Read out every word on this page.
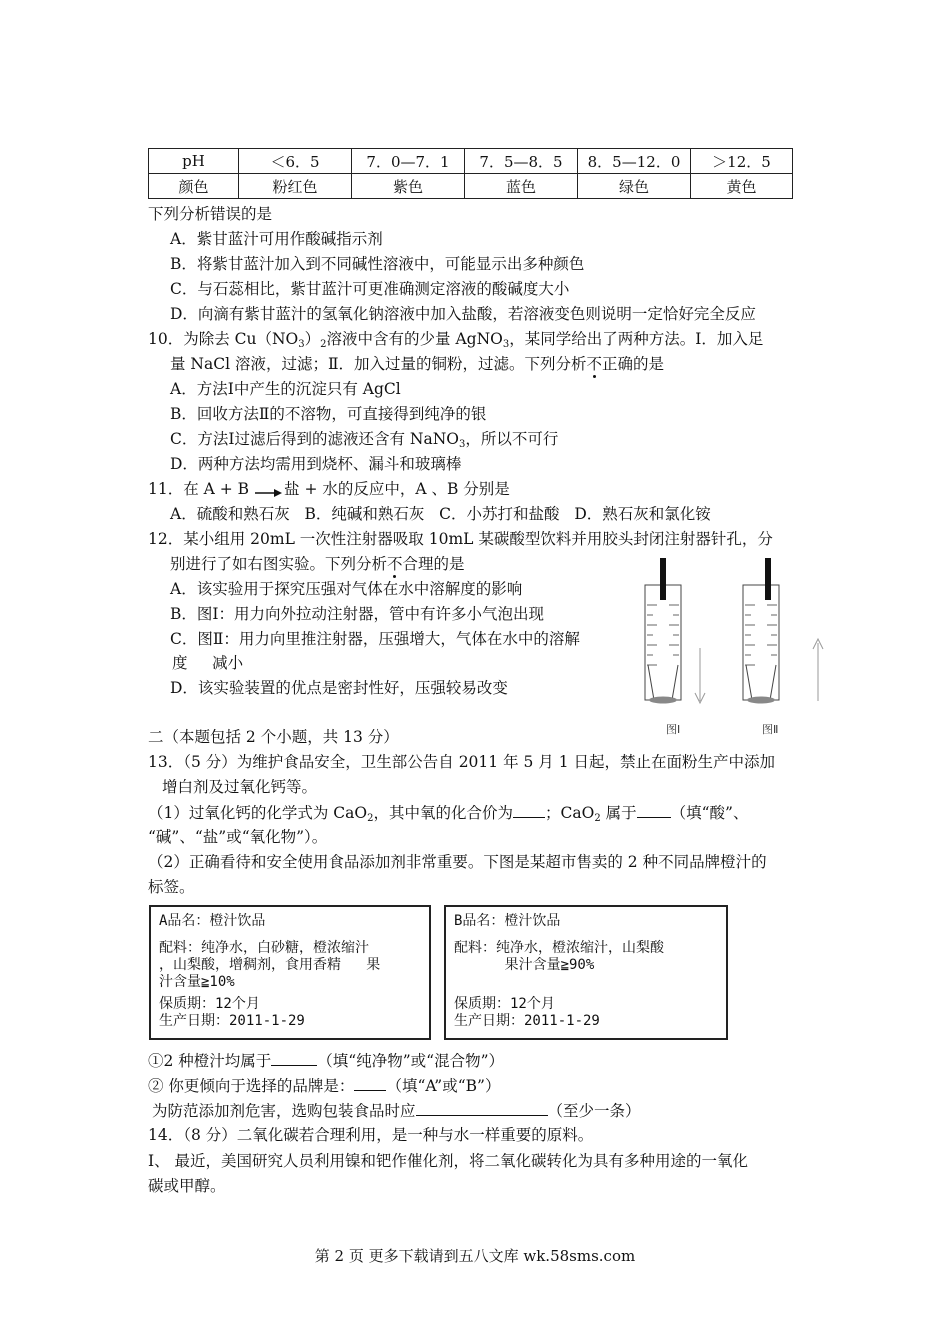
pH	＜6．5	7．0—7．1	7．5—8．5	8．5—12．0	＞12．5
颜色	粉红色	紫色	蓝色	绿色	黄色
下列分析错误的是
A．紫甘蓝汁可用作酸碱指示剂
B．将紫甘蓝汁加入到不同碱性溶液中，可能显示出多种颜色
C．与石蕊相比，紫甘蓝汁可更准确测定溶液的酸碱度大小
D．向滴有紫甘蓝汁的氢氧化钠溶液中加入盐酸，若溶液变色则说明一定恰好完全反应
10．为除去 $Cu(NO_3)_2$溶液中含有的少量 AgNO$_3$，某同学给出了两种方法。Ⅰ．加入足
量 NaCl 溶液，过滤；Ⅱ．加入过量的铜粉，过滤。下列分析不正确的是
A．方法Ⅰ中产生的沉淀只有 AgCl
B．回收方法Ⅱ的不溶物，可直接得到纯净的银
C．方法Ⅰ过滤后得到的滤液还含有 NaNO$_3$，所以不可行
D．两种方法均需用到烧杯、漏斗和玻璃棒
11．在 A + B →盐 + 水的反应中，A 、B 分别是
A．硫酸和熟石灰 B．纯碱和熟石灰 C．小苏打和盐酸 D．熟石灰和氯化铵
12．某小组用 20mL 一次性注射器吸取 10mL 某碳酸型饮料并用胶头封闭注射器针孔，分
别进行了如右图实验。下列分析不合理的是
A．该实验用于探究压强对气体在水中溶解度的影响
B．图Ⅰ：用力向外拉动注射器，管中有许多小气泡出现
C．图Ⅱ：用力向里推注射器，压强增大，气体在水中的溶解
度     减小
D．该实验装置的优点是密封性好，压强较易改变
图Ⅰ	图Ⅱ
二（本题包括 2 个小题，共 13 分）
13．（5 分）为维护食品安全，卫生部公告自 2011 年 5 月 1 日起，禁止在面粉生产中添加
增白剂及过氧化钙等。
（1）过氧化钙的化学式为 CaO$_2$，其中氧的化合价为 ；CaO$_2$ 属于 （填“酸”、
“碱”、“盐”或“氧化物”）。
（2）正确看待和安全使用食品添加剂非常重要。下图是某超市售卖的 2 种不同品牌橙汁的
标签。
A品名：橙汁饮品
配料：纯净水，白砂糖，橙浓缩汁
，山梨酸，增稠剂，食用香精   果
汁含量≧10%
保质期：12个月
生产日期：2011-1-29
B品名：橙汁饮品
配料：纯净水，橙浓缩汁，山梨酸
果汁含量≧90%
保质期：12个月
生产日期：2011-1-29
①2 种橙汁均属于	（填“纯净物”或“混合物”）
② 你更倾向于选择的品牌是： （填“A”或“B”）
为防范添加剂危害，选购包装食品时应	（至少一条）
14．（8 分）二氧化碳若合理利用，是一种与水一样重要的原料。
Ⅰ、 最近，美国研究人员利用镍和钯作催化剂，将二氧化碳转化为具有多种用途的一氧化
碳或甲醇。
第 2 页 更多下载请到五八文库 wk.58sms.com
